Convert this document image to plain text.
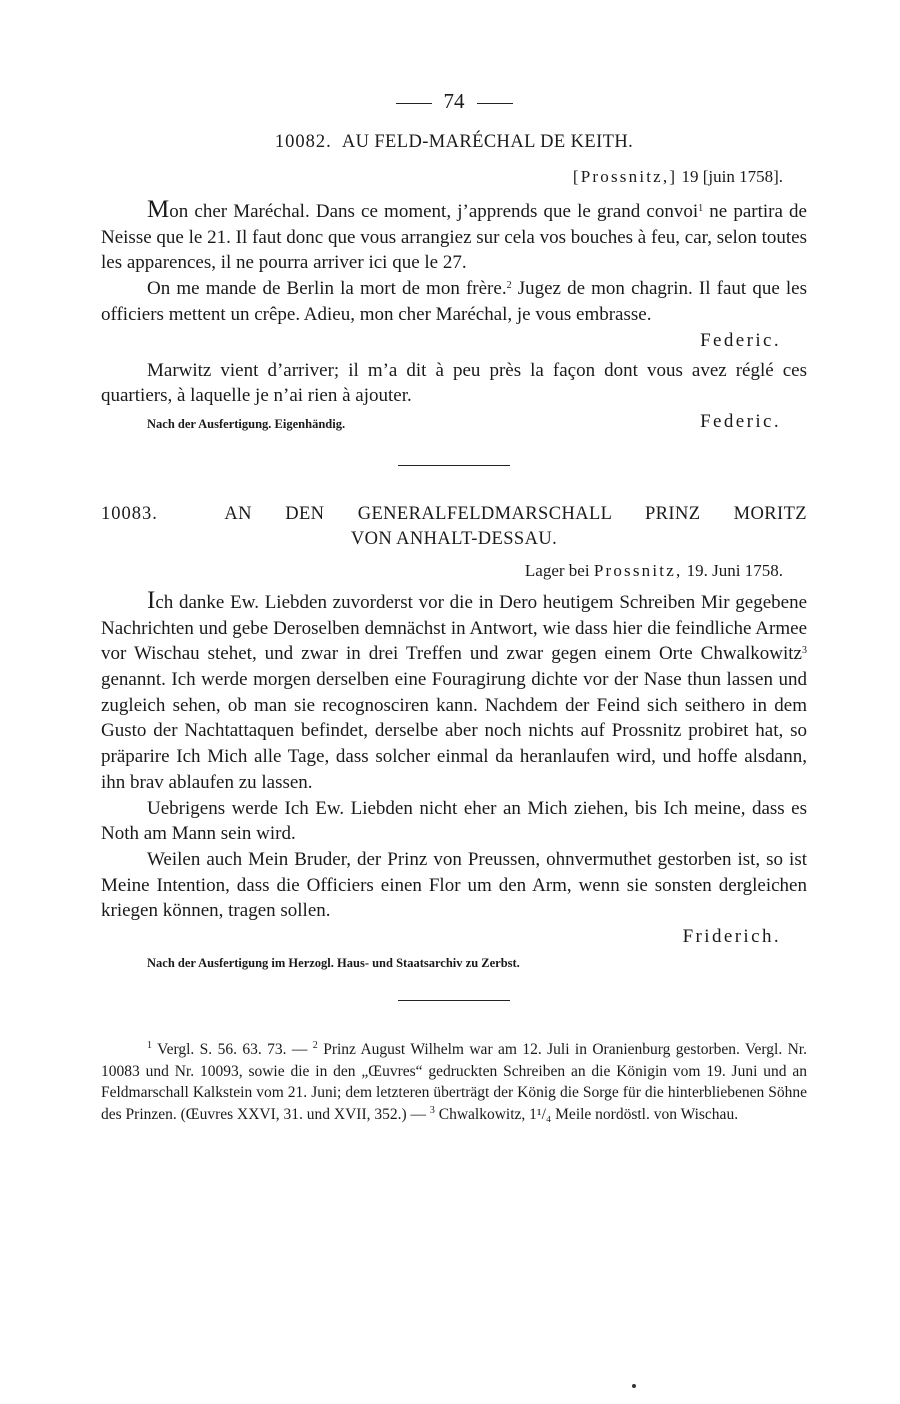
74
10082. AU FELD-MARÉCHAL DE KEITH.
[Prossnitz,] 19 [juin 1758].

Mon cher Maréchal. Dans ce moment, j’apprends que le grand convoi$^1$ ne partira de Neisse que le 21. Il faut donc que vous arrangiez sur cela vos bouches à feu, car, selon toutes les apparences, il ne pourra arriver ici que le 27.

On me mande de Berlin la mort de mon frère.$^2$ Jugez de mon chagrin. Il faut que les officiers mettent un crêpe. Adieu, mon cher Maréchal, je vous embrasse.

Federic.

Marwitz vient d’arriver; il m’a dit à peu près la façon dont vous avez réglé ces quartiers, à laquelle je n’ai rien à ajouter.

Nach der Ausfertigung. Eigenhändig.	Federic.
10083.	AN DEN GENERALFELDMARSCHALL PRINZ MORITZ
VON ANHALT-DESSAU.
Lager bei Prossnitz, 19. Juni 1758.

Ich danke Ew. Liebden zuvorderst vor die in Dero heutigem Schreiben Mir gegebene Nachrichten und gebe Deroselben demnächst in Antwort, wie dass hier die feindliche Armee vor Wischau stehet, und zwar in drei Treffen und zwar gegen einem Orte Chwalkowitz$^3$ genannt. Ich werde morgen derselben eine Fouragirung dichte vor der Nase thun lassen und zugleich sehen, ob man sie recognosciren kann. Nachdem der Feind sich seithero in dem Gusto der Nachtattaquen befindet, derselbe aber noch nichts auf Prossnitz probiret hat, so präparire Ich Mich alle Tage, dass solcher einmal da heranlaufen wird, und hoffe alsdann, ihn brav ablaufen zu lassen.

Uebrigens werde Ich Ew. Liebden nicht eher an Mich ziehen, bis Ich meine, dass es Noth am Mann sein wird.

Weilen auch Mein Bruder, der Prinz von Preussen, ohnvermuthet gestorben ist, so ist Meine Intention, dass die Officiers einen Flor um den Arm, wenn sie sonsten dergleichen kriegen können, tragen sollen.

Friderich.
Nach der Ausfertigung im Herzogl. Haus- und Staatsarchiv zu Zerbst.
$^1$ Vergl. S. 56. 63. 73. — $^2$ Prinz August Wilhelm war am 12. Juli in Oranienburg gestorben. Vergl. Nr. 10083 und Nr. 10093, sowie die in den „Œuvres“ gedruckten Schreiben an die Königin vom 19. Juni und an Feldmarschall Kalkstein vom 21. Juni; dem letzteren überträgt der König die Sorge für die hinterbliebenen Söhne des Prinzen. (Œuvres XXVI, 31. und XVII, 352.) — $^3$ Chwalkowitz, 1¹/₄ Meile nordöstl. von Wischau.
